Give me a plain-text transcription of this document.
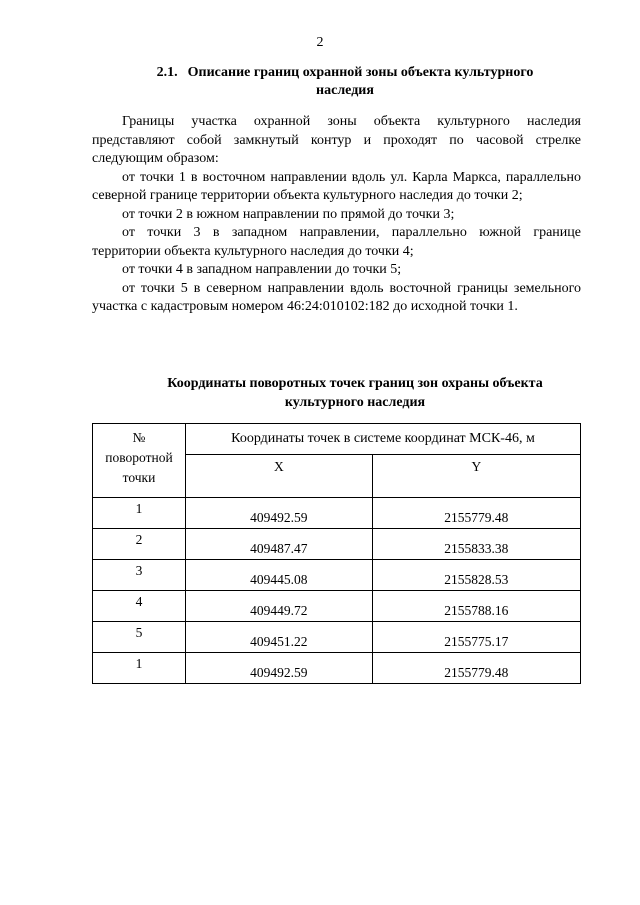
2
2.1. Описание границ охранной зоны объекта культурного
наследия

Границы участка охранной зоны объекта культурного наследия представляют собой замкнутый контур и проходят по часовой стрелке следующим образом:

от точки 1 в восточном направлении вдоль ул. Карла Маркса, параллельно северной границе территории объекта культурного наследия до точки 2;

от точки 2 в южном направлении по прямой до точки 3;

от точки 3 в западном направлении, параллельно южной границе территории объекта культурного наследия до точки 4;

от точки 4 в западном направлении до точки 5;

от точки 5 в северном направлении вдоль восточной границы земельного участка с кадастровым номером 46:24:010102:182 до исходной точки 1.

Координаты поворотных точек границ зон охраны объекта
культурного наследия
№
поворотной
точки	Координаты точек в системе координат МСК-46, м	
	X	Y
1	409492.59	2155779.48
2	409487.47	2155833.38
3	409445.08	2155828.53
4	409449.72	2155788.16
5	409451.22	2155775.17
1	409492.59	2155779.48
